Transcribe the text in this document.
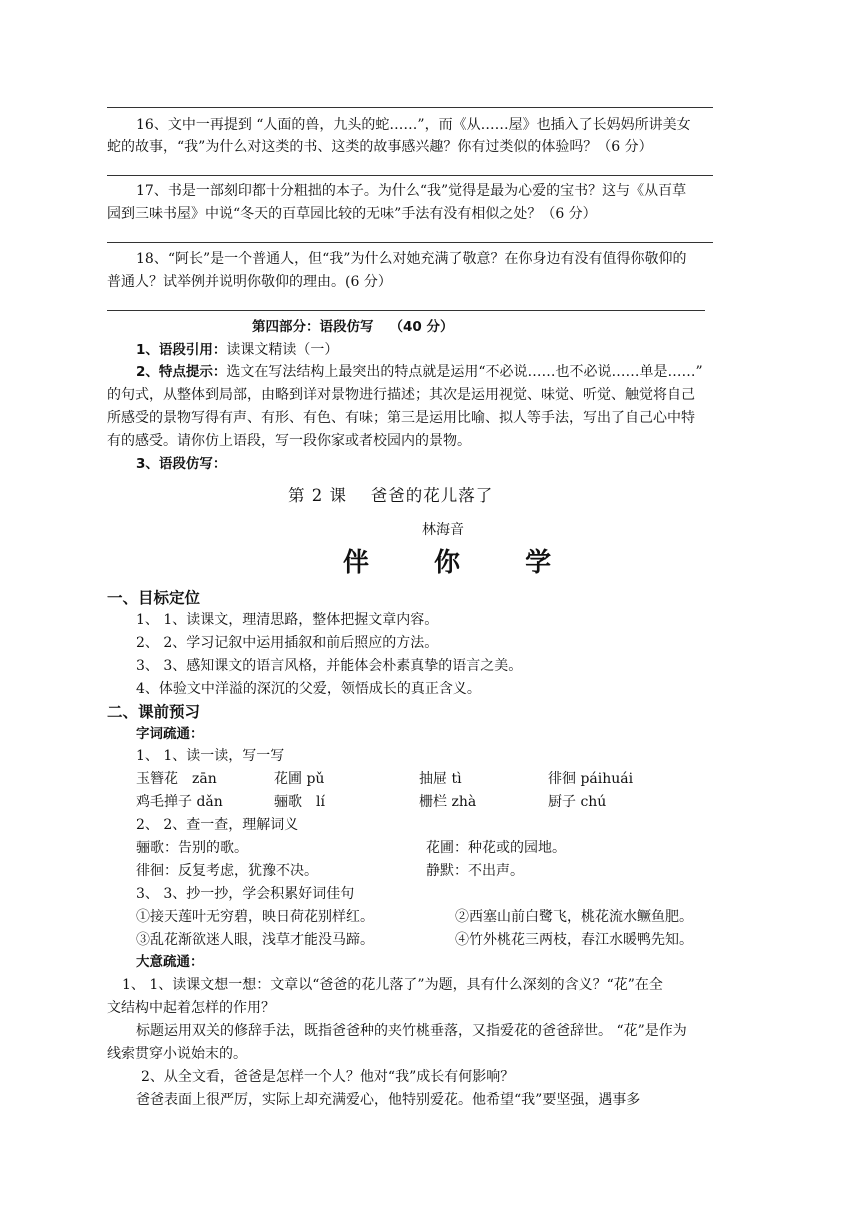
16、文中一再提到 “人面的兽，九头的蛇……”，而《从……屋》也插入了长妈妈所讲美女
蛇的故事，“我”为什么对这类的书、这类的故事感兴趣？你有过类似的体验吗？（6 分）
17、书是一部刻印都十分粗拙的本子。为什么“我”觉得是最为心爱的宝书？这与《从百草
园到三味书屋》中说“冬天的百草园比较的无味”手法有没有相似之处？（6 分）
18、“阿长”是一个普通人，但“我”为什么对她充满了敬意？在你身边有没有值得你敬仰的
普通人？试举例并说明你敬仰的理由。(6 分）
第四部分：语段仿写 （40 分）
1、语段引用：读课文精读（一）
2、特点提示：选文在写法结构上最突出的特点就是运用“不必说……也不必说……单是……”
的句式，从整体到局部，由略到详对景物进行描述；其次是运用视觉、味觉、听觉、触觉将自己
所感受的景物写得有声、有形、有色、有味；第三是运用比喻、拟人等手法，写出了自己心中特
有的感受。请你仿上语段，写一段你家或者校园内的景物。
3、语段仿写：
第 2 课　 爸爸的花儿落了
林海音
伴 你 学
一、目标定位
1、 1、读课文，理清思路，整体把握文章内容。
2、 2、学习记叙中运用插叙和前后照应的方法。
3、 3、感知课文的语言风格，并能体会朴素真挚的语言之美。
4、体验文中洋溢的深沉的父爱，领悟成长的真正含义。
二、课前预习
字词疏通：
1、 1、读一读，写一写
玉簪花　zān	花圃 pǔ	抽屉 tì	徘徊 páihuái
鸡毛掸子 dǎn	骊歌　lí	栅栏 zhà	厨子 chú
2、 2、查一查，理解词义
骊歌：告别的歌。	花圃：种花或的园地。
徘徊：反复考虑，犹豫不决。	静默：不出声。
3、 3、抄一抄，学会积累好词佳句
①接天莲叶无穷碧，映日荷花别样红。	②西塞山前白鹭飞，桃花流水鳜鱼肥。
③乱花渐欲迷人眼，浅草才能没马蹄。	④竹外桃花三两枝，春江水暖鸭先知。
大意疏通：
1、 1、读课文想一想：文章以“爸爸的花儿落了”为题，具有什么深刻的含义？“花”在全
文结构中起着怎样的作用？
标题运用双关的修辞手法，既指爸爸种的夹竹桃垂落，又指爱花的爸爸辞世。 “花”是作为
线索贯穿小说始末的。
2、从全文看，爸爸是怎样一个人？他对“我”成长有何影响？
爸爸表面上很严厉，实际上却充满爱心，他特别爱花。他希望“我”要坚强，遇事多
